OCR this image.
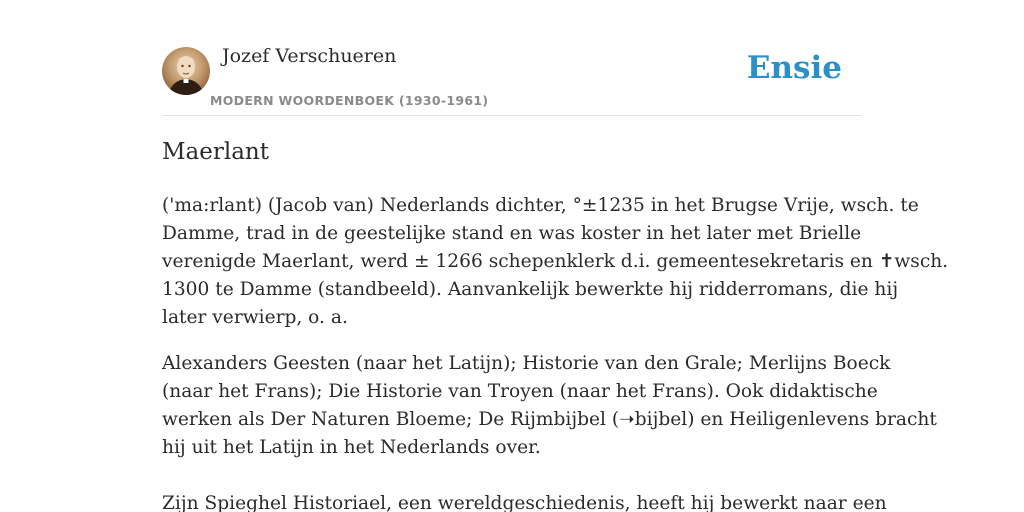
Jozef Verschueren
MODERN WOORDENBOEK (1930-1961)
Ensie
Maerlant

('ma:rlant) (Jacob van) Nederlands dichter, °±1235 in het Brugse Vrije, wsch. te
Damme, trad in de geestelijke stand en was koster in het later met Brielle
verenigde Maerlant, werd ± 1266 schepenklerk d.i. gemeentesekretaris en ✝wsch.
1300 te Damme (standbeeld). Aanvankelijk bewerkte hij ridderromans, die hij
later verwierp, o. a.

Alexanders Geesten (naar het Latijn); Historie van den Grale; Merlijns Boeck
(naar het Frans); Die Historie van Troyen (naar het Frans). Ook didaktische
werken als Der Naturen Bloeme; De Rijmbijbel (➝bijbel) en Heiligenlevens bracht
hij uit het Latijn in het Nederlands over.

Zijn Spieghel Historiael, een wereldgeschiedenis, heeft hij bewerkt naar een
